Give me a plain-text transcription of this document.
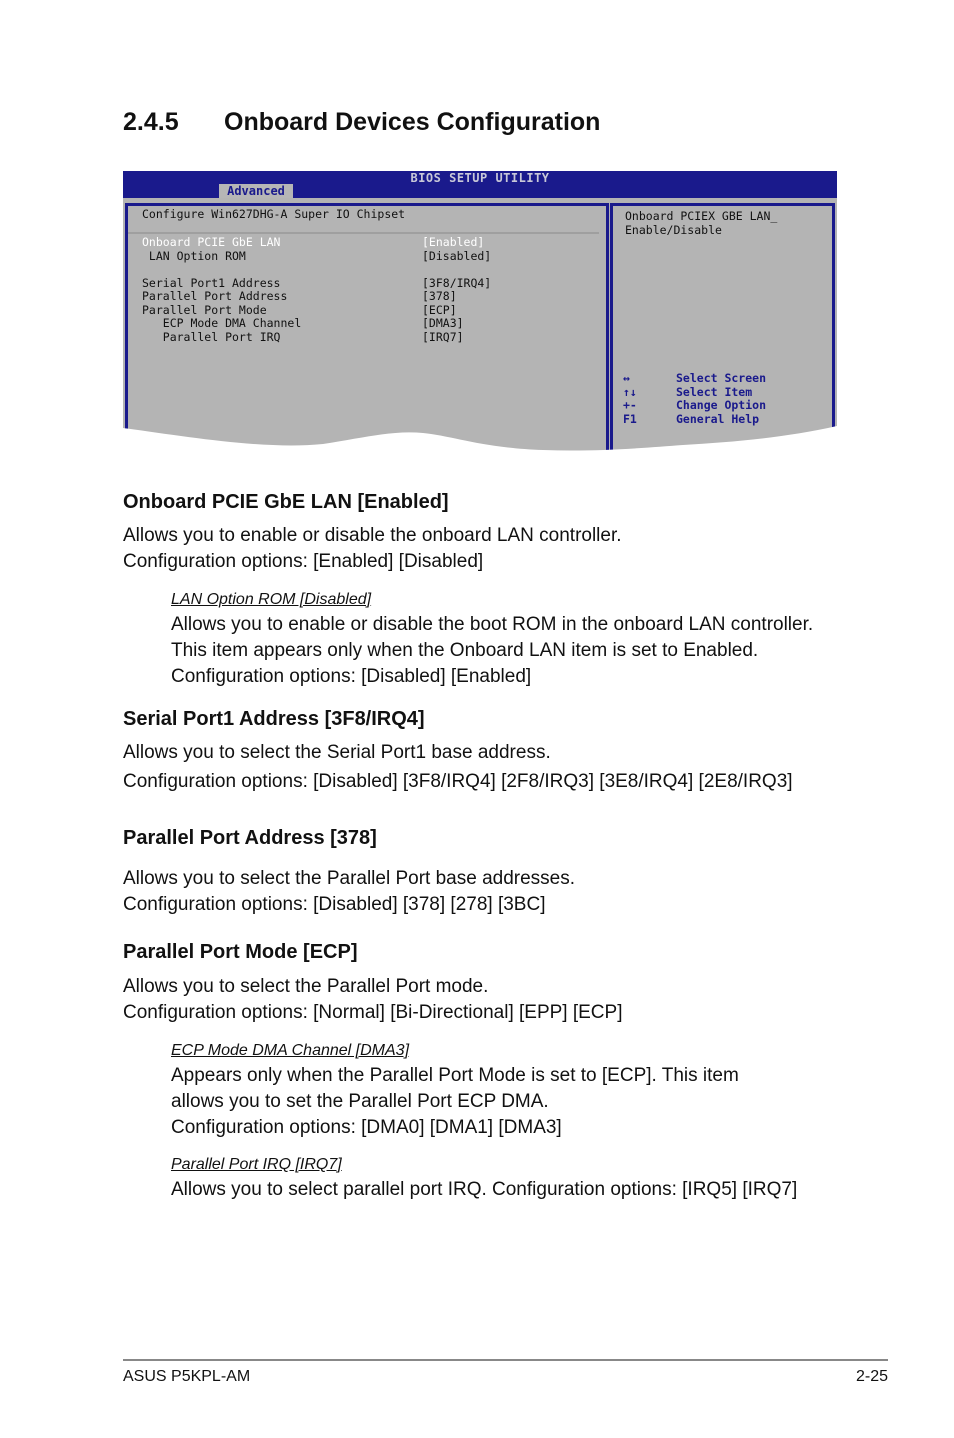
2.4.5 Onboard Devices Configuration
BIOS SETUP UTILITY
Advanced
Configure Win627DHG-A Super IO Chipset
Onboard PCIE GbE LAN	[Enabled]
LAN Option ROM	[Disabled]
Serial Port1 Address	[3F8/IRQ4]
Parallel Port Address	[378]
Parallel Port Mode	[ECP]
ECP Mode DMA Channel	[DMA3]
Parallel Port IRQ	[IRQ7]
Onboard PCIEX GBE LAN_
Enable/Disable
↔	Select Screen
↑↓	Select Item
+-	Change Option
F1	General Help
Onboard PCIE GbE LAN [Enabled]

Allows you to enable or disable the onboard LAN controller.

Configuration options: [Enabled] [Disabled]

LAN Option ROM [Disabled]

Allows you to enable or disable the boot ROM in the onboard LAN controller.

This item appears only when the Onboard LAN item is set to Enabled.

Configuration options: [Disabled] [Enabled]

Serial Port1 Address [3F8/IRQ4]

Allows you to select the Serial Port1 base address.

Configuration options: [Disabled] [3F8/IRQ4] [2F8/IRQ3] [3E8/IRQ4] [2E8/IRQ3]

Parallel Port Address [378]

Allows you to select the Parallel Port base addresses.

Configuration options: [Disabled] [378] [278] [3BC]

Parallel Port Mode [ECP]

Allows you to select the Parallel Port mode.

Configuration options: [Normal] [Bi-Directional] [EPP] [ECP]

ECP Mode DMA Channel [DMA3]

Appears only when the Parallel Port Mode is set to [ECP]. This item

allows you to set the Parallel Port ECP DMA.

Configuration options: [DMA0] [DMA1] [DMA3]

Parallel Port IRQ [IRQ7]

Allows you to select parallel port IRQ. Configuration options: [IRQ5] [IRQ7]

ASUS P5KPL-AM	2-25
